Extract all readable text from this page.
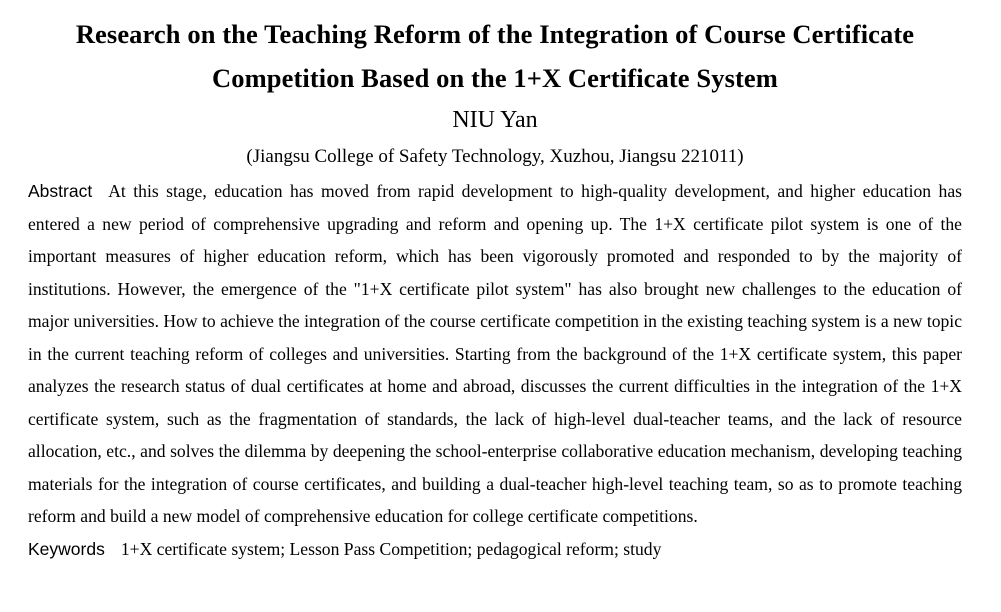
Research on the Teaching Reform of the Integration of Course Certificate Competition Based on the 1+X Certificate System

NIU Yan

(Jiangsu College of Safety Technology, Xuzhou, Jiangsu 221011)

Abstract At this stage, education has moved from rapid development to high-quality development, and higher education has entered a new period of comprehensive upgrading and reform and opening up. The 1+X certificate pilot system is one of the important measures of higher education reform, which has been vigorously promoted and responded to by the majority of institutions. However, the emergence of the "1+X certificate pilot system" has also brought new challenges to the education of major universities. How to achieve the integration of the course certificate competition in the existing teaching system is a new topic in the current teaching reform of colleges and universities. Starting from the background of the 1+X certificate system, this paper analyzes the research status of dual certificates at home and abroad, discusses the current difficulties in the integration of the 1+X certificate system, such as the fragmentation of standards, the lack of high-level dual-teacher teams, and the lack of resource allocation, etc., and solves the dilemma by deepening the school-enterprise collaborative education mechanism, developing teaching materials for the integration of course certificates, and building a dual-teacher high-level teaching team, so as to promote teaching reform and build a new model of comprehensive education for college certificate competitions.

Keywords 1+X certificate system; Lesson Pass Competition; pedagogical reform; study
